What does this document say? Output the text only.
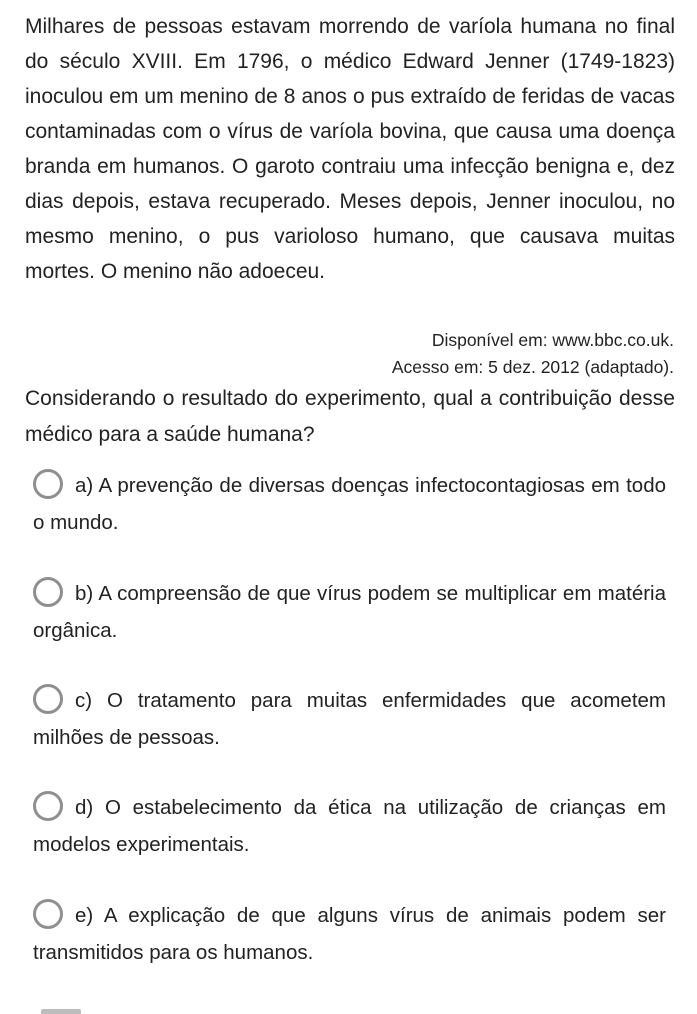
Milhares de pessoas estavam morrendo de varíola humana no final do século XVIII. Em 1796, o médico Edward Jenner (1749-1823) inoculou em um menino de 8 anos o pus extraído de feridas de vacas contaminadas com o vírus de varíola bovina, que causa uma doença branda em humanos. O garoto contraiu uma infecção benigna e, dez dias depois, estava recuperado. Meses depois, Jenner inoculou, no mesmo menino, o pus varioloso humano, que causava muitas mortes. O menino não adoeceu.

Disponível em: www.bbc.co.uk.
Acesso em: 5 dez. 2012 (adaptado).

Considerando o resultado do experimento, qual a contribuição desse médico para a saúde humana?

a) A prevenção de diversas doenças infectocontagiosas em todo o mundo.
b) A compreensão de que vírus podem se multiplicar em matéria orgânica.
c) O tratamento para muitas enfermidades que acometem milhões de pessoas.
d) O estabelecimento da ética na utilização de crianças em modelos experimentais.
e) A explicação de que alguns vírus de animais podem ser transmitidos para os humanos.
